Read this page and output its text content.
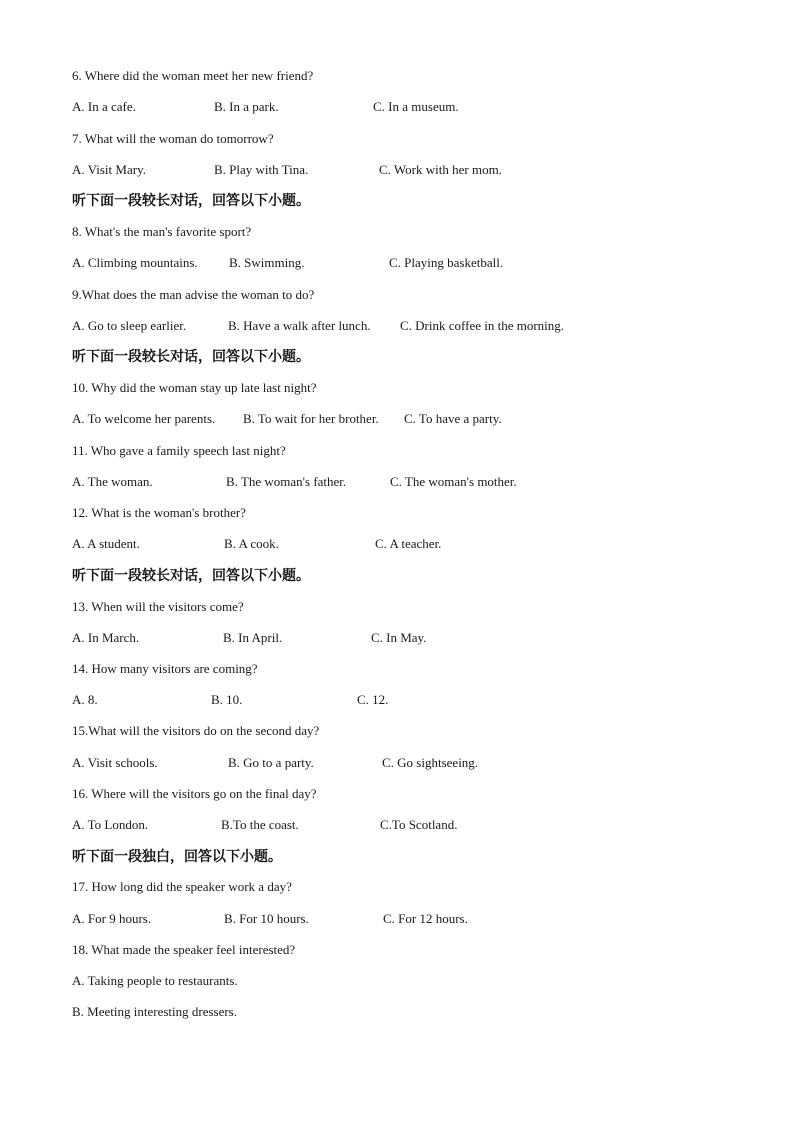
6. Where did the woman meet her new friend?

A. In a cafe.

	B. In a park.

	C. In a museum.

7. What will the woman do tomorrow?

A. Visit Mary.

	B. Play with Tina.

	C. Work with her mom.

听下面一段较长对话，回答以下小题。
8. What's the man's favorite sport?

A. Climbing mountains.

B. Swimming.

	C. Playing basketball.

9.What does the man advise the woman to do?

A. Go to sleep earlier.

	B. Have a walk after lunch.

C. Drink coffee in the morning.

听下面一段较长对话，回答以下小题。
10. Why did the woman stay up late last night?

A. To welcome her parents.

B. To wait for her brother.

C. To have a party.

11. Who gave a family speech last night?

A. The woman.

	B. The woman's father.

	C. The woman's mother.

12. What is the woman's brother?

A. A student.

	B. A cook.

	C. A teacher.

听下面一段较长对话，回答以下小题。
13. When will the visitors come?

A. In March.

	B. In April.

	C. In May.

14. How many visitors are coming?

A. 8.

	B. 10.

	C. 12.

15.What will the visitors do on the second day?

A. Visit schools.

	B. Go to a party.

	C. Go sightseeing.

16. Where will the visitors go on the final day?

A. To London.

	B.To the coast.

	C.To Scotland.

听下面一段独白，回答以下小题。
17. How long did the speaker work a day?

A. For 9 hours.

	B. For 10 hours.

	C. For 12 hours.

18. What made the speaker feel interested?
A. Taking people to restaurants.
B. Meeting interesting dressers.
